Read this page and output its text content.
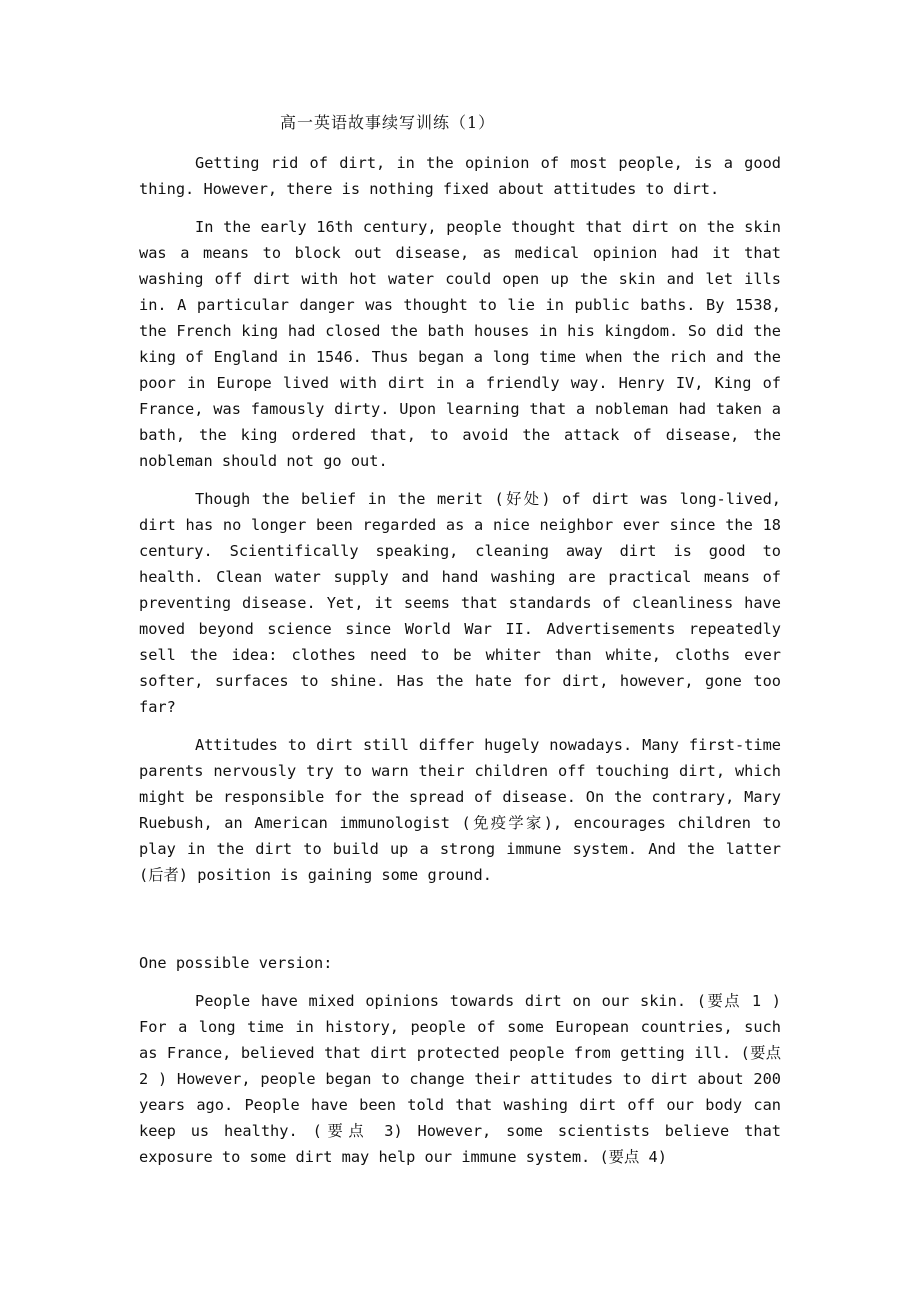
高一英语故事续写训练（1）

Getting rid of dirt, in the opinion of most people, is a good thing. However, there is nothing fixed about attitudes to dirt.

In the early 16th century, people thought that dirt on the skin was a means to block out disease, as medical opinion had it that washing off dirt with hot water could open up the skin and let ills in. A particular danger was thought to lie in public baths. By 1538, the French king had closed the bath houses in his kingdom. So did the king of England in 1546. Thus began a long time when the rich and the poor in Europe lived with dirt in a friendly way. Henry IV, King of France, was famously dirty. Upon learning that a nobleman had taken a bath, the king ordered that, to avoid the attack of disease, the nobleman should not go out.

Though the belief in the merit (好处) of dirt was long-lived, dirt has no longer been regarded as a nice neighbor ever since the 18 century. Scientifically speaking, cleaning away dirt is good to health. Clean water supply and hand washing are practical means of preventing disease. Yet, it seems that standards of cleanliness have moved beyond science since World War II. Advertisements repeatedly sell the idea: clothes need to be whiter than white, cloths ever softer, surfaces to shine. Has the hate for dirt, however, gone too far?

Attitudes to dirt still differ hugely nowadays. Many first-time parents nervously try to warn their children off touching dirt, which might be responsible for the spread of disease. On the contrary, Mary Ruebush, an American immunologist (免疫学家), encourages children to play in the dirt to build up a strong immune system. And the latter (后者) position is gaining some ground.

One possible version:

People have mixed opinions towards dirt on our skin. (要点 1 ) For a long time in history, people of some European countries, such as France, believed that dirt protected people from getting ill. (要点 2 ) However, people began to change their attitudes to dirt about 200 years ago. People have been told that washing dirt off our body can keep us healthy. (要点 3) However, some scientists believe that exposure to some dirt may help our immune system. (要点 4)
